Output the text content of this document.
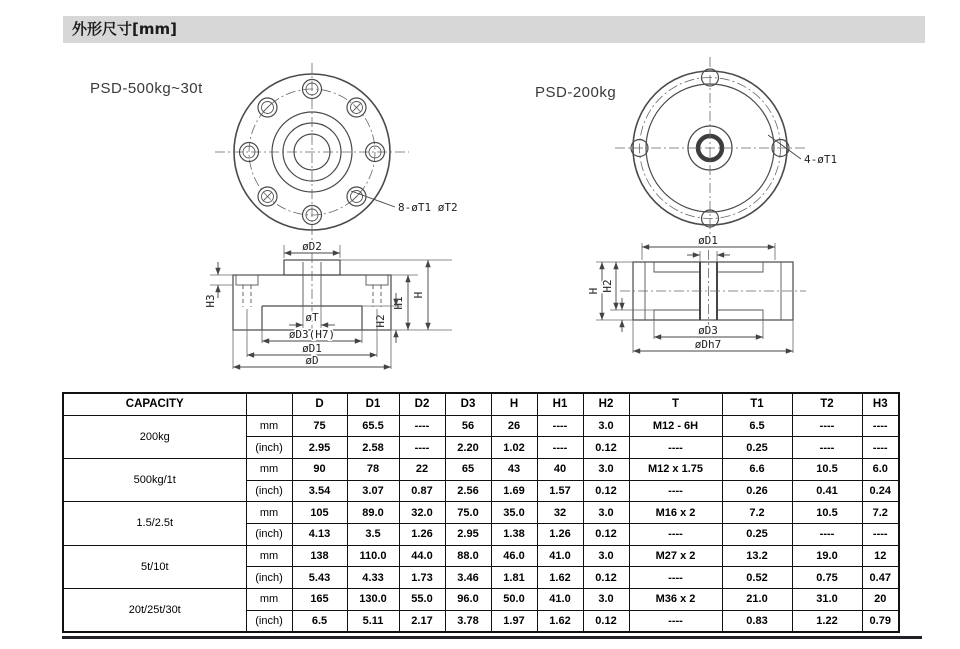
外形尺寸[mm]
PSD-500kg~30t
8-øT1 øT2
øD2
H3	H1
H
H2
øT
øD3(H7)
øD1
øD
PSD-200kg
4-øT1
øD1
H H2
øD3
øDh7
CAPACITY		D	D1	D2	D3	H	H1	H2	T	T1	T2	H3
200kg	mm	75	65.5	----	56	26	----	3.0	M12 - 6H	6.5	----	----
	(inch)	2.95	2.58	----	2.20	1.02	----	0.12	----	0.25	----	----
500kg/1t	mm	90	78	22	65	43	40	3.0	M12 x 1.75	6.6	10.5	6.0
	(inch)	3.54	3.07	0.87	2.56	1.69	1.57	0.12	----	0.26	0.41	0.24
1.5/2.5t	mm	105	89.0	32.0	75.0	35.0	32	3.0	M16 x 2	7.2	10.5	7.2
	(inch)	4.13	3.5	1.26	2.95	1.38	1.26	0.12	----	0.25	----	----
5t/10t	mm	138	110.0	44.0	88.0	46.0	41.0	3.0	M27 x 2	13.2	19.0	12
	(inch)	5.43	4.33	1.73	3.46	1.81	1.62	0.12	----	0.52	0.75	0.47
20t/25t/30t	mm	165	130.0	55.0	96.0	50.0	41.0	3.0	M36 x 2	21.0	31.0	20
	(inch)	6.5	5.11	2.17	3.78	1.97	1.62	0.12	----	0.83	1.22	0.79
